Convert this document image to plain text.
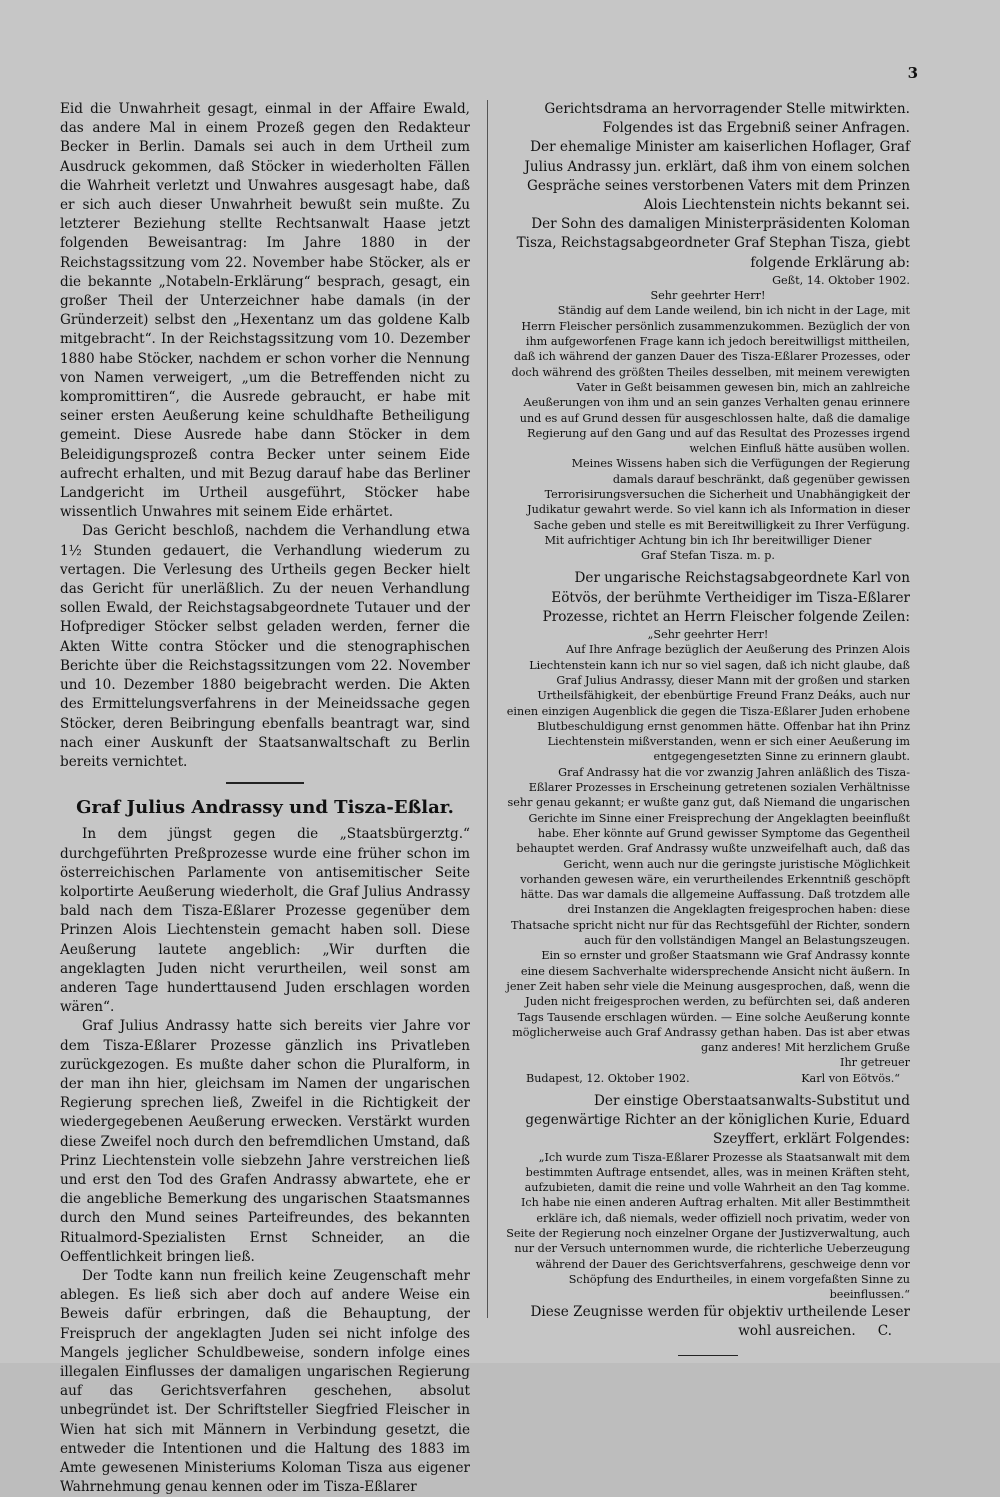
3

Eid die Unwahrheit gesagt, einmal in der Affaire Ewald, das andere Mal in einem Prozeß gegen den Redakteur Becker in Berlin. Damals sei auch in dem Urtheil zum Ausdruck gekommen, daß Stöcker in wiederholten Fällen die Wahrheit verletzt und Unwahres ausgesagt habe, daß er sich auch dieser Unwahrheit bewußt sein mußte. Zu letzterer Beziehung stellte Rechtsanwalt Haase jetzt folgenden Beweisantrag: Im Jahre 1880 in der Reichstagssitzung vom 22. November habe Stöcker, als er die bekannte „Notabeln-Erklärung“ besprach, gesagt, ein großer Theil der Unterzeichner habe damals (in der Gründerzeit) selbst den „Hexentanz um das goldene Kalb mitgebracht“. In der Reichstagssitzung vom 10. Dezember 1880 habe Stöcker, nachdem er schon vorher die Nennung von Namen verweigert, „um die Betreffenden nicht zu kompromittiren“, die Ausrede gebraucht, er habe mit seiner ersten Aeußerung keine schuldhafte Betheiligung gemeint. Diese Ausrede habe dann Stöcker in dem Beleidigungsprozeß contra Becker unter seinem Eide aufrecht erhalten, und mit Bezug darauf habe das Berliner Landgericht im Urtheil ausgeführt, Stöcker habe wissentlich Unwahres mit seinem Eide erhärtet.

Das Gericht beschloß, nachdem die Verhandlung etwa 1½ Stunden gedauert, die Verhandlung wiederum zu vertagen. Die Verlesung des Urtheils gegen Becker hielt das Gericht für unerläßlich. Zu der neuen Verhandlung sollen Ewald, der Reichstagsabgeordnete Tutauer und der Hofprediger Stöcker selbst geladen werden, ferner die Akten Witte contra Stöcker und die stenographischen Berichte über die Reichstagssitzungen vom 22. November und 10. Dezember 1880 beigebracht werden. Die Akten des Ermittelungsverfahrens in der Meineidssache gegen Stöcker, deren Beibringung ebenfalls beantragt war, sind nach einer Auskunft der Staatsanwaltschaft zu Berlin bereits vernichtet.

Graf Julius Andrassy und Tisza-Eßlar.

In dem jüngst gegen die „Staatsbürgerztg.“ durchgeführten Preßprozesse wurde eine früher schon im österreichischen Parlamente von antisemitischer Seite kolportirte Aeußerung wiederholt, die Graf Julius Andrassy bald nach dem Tisza-Eßlarer Prozesse gegenüber dem Prinzen Alois Liechtenstein gemacht haben soll. Diese Aeußerung lautete angeblich: „Wir durften die angeklagten Juden nicht verurtheilen, weil sonst am anderen Tage hunderttausend Juden erschlagen worden wären“.

Graf Julius Andrassy hatte sich bereits vier Jahre vor dem Tisza-Eßlarer Prozesse gänzlich ins Privatleben zurückgezogen. Es mußte daher schon die Pluralform, in der man ihn hier, gleichsam im Namen der ungarischen Regierung sprechen ließ, Zweifel in die Richtigkeit der wiedergegebenen Aeußerung erwecken. Verstärkt wurden diese Zweifel noch durch den befremdlichen Umstand, daß Prinz Liechtenstein volle siebzehn Jahre verstreichen ließ und erst den Tod des Grafen Andrassy abwartete, ehe er die angebliche Bemerkung des ungarischen Staatsmannes durch den Mund seines Parteifreundes, des bekannten Ritualmord-Spezialisten Ernst Schneider, an die Oeffentlichkeit bringen ließ.

Der Todte kann nun freilich keine Zeugenschaft mehr ablegen. Es ließ sich aber doch auf andere Weise ein Beweis dafür erbringen, daß die Behauptung, der Freispruch der angeklagten Juden sei nicht infolge des Mangels jeglicher Schuldbeweise, sondern infolge eines illegalen Einflusses der damaligen ungarischen Regierung auf das Gerichtsverfahren geschehen, absolut unbegründet ist. Der Schriftsteller Siegfried Fleischer in Wien hat sich mit Männern in Verbindung gesetzt, die entweder die Intentionen und die Haltung des 1883 im Amte gewesenen Ministeriums Koloman Tisza aus eigener Wahrnehmung genau kennen oder im Tisza-Eßlarer

Gerichtsdrama an hervorragender Stelle mitwirkten. Folgendes ist das Ergebniß seiner Anfragen.

Der ehemalige Minister am kaiserlichen Hoflager, Graf Julius Andrassy jun. erklärt, daß ihm von einem solchen Gespräche seines verstorbenen Vaters mit dem Prinzen Alois Liechtenstein nichts bekannt sei.

Der Sohn des damaligen Ministerpräsidenten Koloman Tisza, Reichstagsabgeordneter Graf Stephan Tisza, giebt folgende Erklärung ab:

Geßt, 14. Oktober 1902.

Sehr geehrter Herr!

Ständig auf dem Lande weilend, bin ich nicht in der Lage, mit Herrn Fleischer persönlich zusammenzukommen. Bezüglich der von ihm aufgeworfenen Frage kann ich jedoch bereitwilligst mittheilen, daß ich während der ganzen Dauer des Tisza-Eßlarer Prozesses, oder doch während des größten Theiles desselben, mit meinem verewigten Vater in Geßt beisammen gewesen bin, mich an zahlreiche Aeußerungen von ihm und an sein ganzes Verhalten genau erinnere und es auf Grund dessen für ausgeschlossen halte, daß die damalige Regierung auf den Gang und auf das Resultat des Prozesses irgend welchen Einfluß hätte ausüben wollen.

Meines Wissens haben sich die Verfügungen der Regierung damals darauf beschränkt, daß gegenüber gewissen Terrorisirungsversuchen die Sicherheit und Unabhängigkeit der Judikatur gewahrt werde. So viel kann ich als Information in dieser Sache geben und stelle es mit Bereitwilligkeit zu Ihrer Verfügung.

Mit aufrichtiger Achtung bin ich Ihr bereitwilliger Diener

Graf Stefan Tisza. m. p.

Der ungarische Reichstagsabgeordnete Karl von Eötvös, der berühmte Vertheidiger im Tisza-Eßlarer Prozesse, richtet an Herrn Fleischer folgende Zeilen:

„Sehr geehrter Herr!

Auf Ihre Anfrage bezüglich der Aeußerung des Prinzen Alois Liechtenstein kann ich nur so viel sagen, daß ich nicht glaube, daß Graf Julius Andrassy, dieser Mann mit der großen und starken Urtheilsfähigkeit, der ebenbürtige Freund Franz Deáks, auch nur einen einzigen Augenblick die gegen die Tisza-Eßlarer Juden erhobene Blutbeschuldigung ernst genommen hätte. Offenbar hat ihn Prinz Liechtenstein mißverstanden, wenn er sich einer Aeußerung im entgegengesetzten Sinne zu erinnern glaubt.

Graf Andrassy hat die vor zwanzig Jahren anläßlich des Tisza-Eßlarer Prozesses in Erscheinung getretenen sozialen Verhältnisse sehr genau gekannt; er wußte ganz gut, daß Niemand die ungarischen Gerichte im Sinne einer Freisprechung der Angeklagten beeinflußt habe. Eher könnte auf Grund gewisser Symptome das Gegentheil behauptet werden. Graf Andrassy wußte unzweifelhaft auch, daß das Gericht, wenn auch nur die geringste juristische Möglichkeit vorhanden gewesen wäre, ein verurtheilendes Erkenntniß geschöpft hätte. Das war damals die allgemeine Auffassung. Daß trotzdem alle drei Instanzen die Angeklagten freigesprochen haben: diese Thatsache spricht nicht nur für das Rechtsgefühl der Richter, sondern auch für den vollständigen Mangel an Belastungszeugen.

Ein so ernster und großer Staatsmann wie Graf Andrassy konnte eine diesem Sachverhalte widersprechende Ansicht nicht äußern. In jener Zeit haben sehr viele die Meinung ausgesprochen, daß, wenn die Juden nicht freigesprochen werden, zu befürchten sei, daß anderen Tags Tausende erschlagen würden. — Eine solche Aeußerung konnte möglicherweise auch Graf Andrassy gethan haben. Das ist aber etwas ganz anderes! Mit herzlichem Gruße

Ihr getreuer

Budapest, 12. Oktober 1902.	Karl von Eötvös.“

Der einstige Oberstaatsanwalts-Substitut und gegenwärtige Richter an der königlichen Kurie, Eduard Szeyffert, erklärt Folgendes:

„Ich wurde zum Tisza-Eßlarer Prozesse als Staatsanwalt mit dem bestimmten Auftrage entsendet, alles, was in meinen Kräften steht, aufzubieten, damit die reine und volle Wahrheit an den Tag komme. Ich habe nie einen anderen Auftrag erhalten. Mit aller Bestimmtheit erkläre ich, daß niemals, weder offiziell noch privatim, weder von Seite der Regierung noch einzelner Organe der Justizverwaltung, auch nur der Versuch unternommen wurde, die richterliche Ueberzeugung während der Dauer des Gerichtsverfahrens, geschweige denn vor Schöpfung des Endurtheiles, in einem vorgefaßten Sinne zu beeinflussen.“

Diese Zeugnisse werden für objektiv urtheilende Leser wohl ausreichen.	C.
